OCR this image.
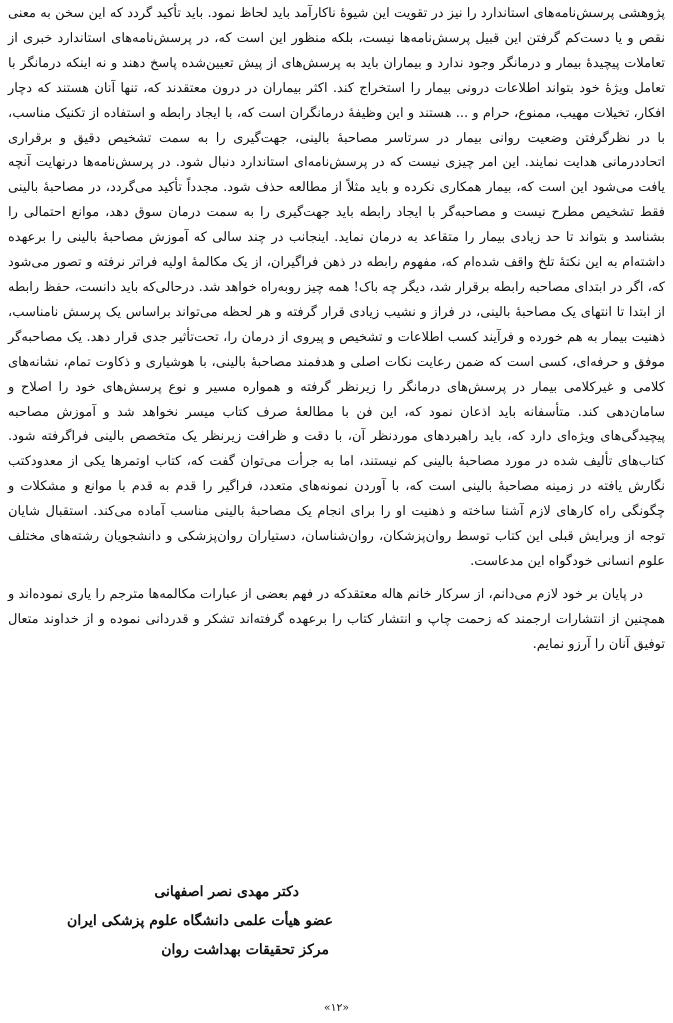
پژوهشی پرسش‌نامه‌های استاندارد را نیز در تقویت این شیوهٔ ناکارآمد باید لحاظ نمود. باید تأکید گردد که این سخن به معنی نقص و یا دست‌کم گرفتن این قبیل پرسش‌نامه‌ها نیست، بلکه منظور این است که، در پرسش‌نامه‌های استاندارد خبری از تعاملات پیچیدهٔ بیمار و درمانگر وجود ندارد و بیماران باید به پرسش‌های از پیش تعیین‌شده پاسخ دهند و نه اینکه درمانگر با تعامل ویژهٔ خود بتواند اطلاعات درونی بیمار را استخراج کند. اکثر بیماران در درون معتقدند که، تنها آنان هستند که دچار افکار، تخیلات مهیب، ممنوع، حرام و ... هستند و این وظیفهٔ درمانگران است که، با ایجاد رابطه و استفاده از تکنیک مناسب، با در نظرگرفتن وضعیت روانی بیمار در سرتاسر مصاحبهٔ بالینی، جهت‌گیری را به سمت تشخیص دقیق و برقراری اتحاددرمانی هدایت نمایند. این امر چیزی نیست که در پرسش‌نامه‌ای استاندارد دنبال شود. در پرسش‌نامه‌ها درنهایت آنچه یافت می‌شود این است که، بیمار همکاری نکرده و باید مثلاً از مطالعه حذف شود. مجدداً تأکید می‌گردد، در مصاحبهٔ بالینی فقط تشخیص مطرح نیست و مصاحبه‌گر با ایجاد رابطه باید جهت‌گیری را به سمت درمان سوق دهد، موانع احتمالی را بشناسد و بتواند تا حد زیادی بیمار را متقاعد به درمان نماید. اینجانب در چند سالی که آموزش مصاحبهٔ بالینی را برعهده داشته‌ام به این نکتهٔ تلخ واقف شده‌ام که، مفهوم رابطه در ذهن فراگیران، از یک مکالمهٔ اولیه فراتر نرفته و تصور می‌شود که، اگر در ابتدای مصاحبه رابطه برقرار شد، دیگر چه باک! همه چیز روبه‌راه خواهد شد. درحالی‌که باید دانست، حفظ رابطه از ابتدا تا انتهای یک مصاحبهٔ بالینی، در فراز و نشیب زیادی قرار گرفته و هر لحظه می‌تواند براساس یک پرسش نامناسب، ذهنیت بیمار به هم خورده و فرآیند کسب اطلاعات و تشخیص و پیروی از درمان را، تحت‌تأثیر جدی قرار دهد. یک مصاحبه‌گر موفق و حرفه‌ای، کسی است که ضمن رعایت نکات اصلی و هدفمند مصاحبهٔ بالینی، با هوشیاری و ذکاوت تمام، نشانه‌های کلامی و غیرکلامی بیمار در پرسش‌های درمانگر را زیرنظر گرفته و همواره مسیر و نوع پرسش‌های خود را اصلاح و سامان‌دهی کند. متأسفانه باید اذعان نمود که، این فن با مطالعهٔ صرف کتاب میسر نخواهد شد و آموزش مصاحبه پیچیدگی‌های ویژه‌ای دارد که، باید راهبردهای موردنظر آن، با دقت و ظرافت زیرنظر یک متخصص بالینی فراگرفته شود. کتاب‌های تألیف شده در مورد مصاحبهٔ بالینی کم نیستند، اما به جرأت می‌توان گفت که، کتاب اوتمرها یکی از معدودکتب نگارش یافته در زمینه مصاحبهٔ بالینی است که، با آوردن نمونه‌های متعدد، فراگیر را قدم به قدم با موانع و مشکلات و چگونگی راه کارهای لازم آشنا ساخته و ذهنیت او را برای انجام یک مصاحبهٔ بالینی مناسب آماده می‌کند. استقبال شایان توجه از ویرایش قبلی این کتاب توسط روان‌پزشکان، روان‌شناسان، دستیاران روان‌پزشکی و دانشجویان رشته‌های مختلف علوم انسانی خودگواه این مدعاست.

در پایان بر خود لازم می‌دانم، از سرکار خانم هاله معتقدکه در فهم بعضی از عبارات مکالمه‌ها مترجم را یاری نموده‌اند و همچنین از انتشارات ارجمند که زحمت چاپ و انتشار کتاب را برعهده گرفته‌اند تشکر و قدردانی نموده و از خداوند متعال توفیق آنان را آرزو نمایم.

دکتر مهدی نصر اصفهانی
عضو هیأت علمی دانشگاه علوم پزشکی ایران
مرکز تحقیقات بهداشت روان
«۱۲»
